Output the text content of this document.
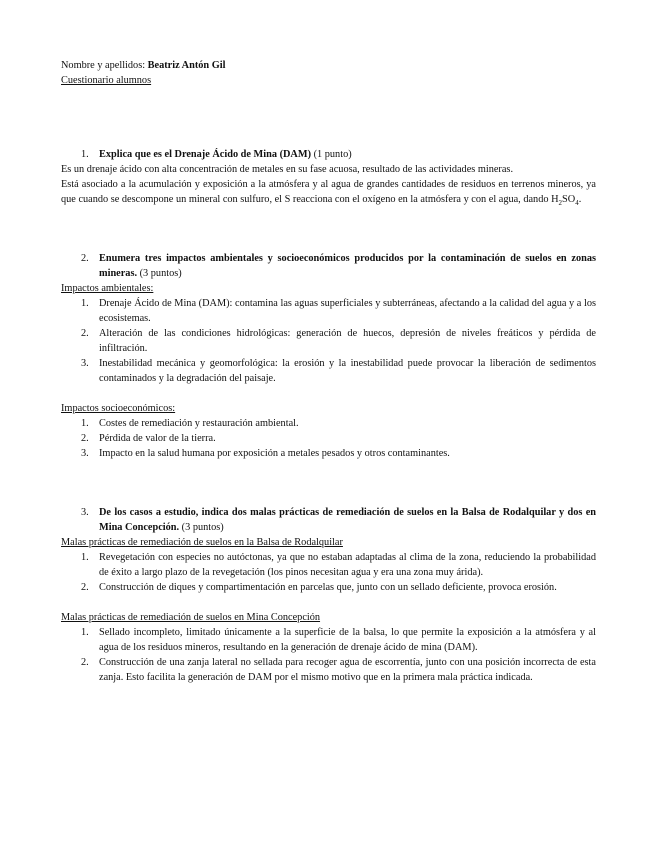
Nombre y apellidos: Beatriz Antón Gil

Cuestionario alumnos

1. Explica que es el Drenaje Ácido de Mina (DAM) (1 punto)

Es un drenaje ácido con alta concentración de metales en su fase acuosa, resultado de las actividades mineras.

Está asociado a la acumulación y exposición a la atmósfera y al agua de grandes cantidades de residuos en terrenos mineros, ya que cuando se descompone un mineral con sulfuro, el S reacciona con el oxígeno en la atmósfera y con el agua, dando $H_2SO_4$.

2. Enumera tres impactos ambientales y socioeconómicos producidos por la contaminación de suelos en zonas mineras. (3 puntos)

Impactos ambientales:

1. Drenaje Ácido de Mina (DAM): contamina las aguas superficiales y subterráneas, afectando a la calidad del agua y a los ecosistemas.
2. Alteración de las condiciones hidrológicas: generación de huecos, depresión de niveles freáticos y pérdida de infiltración.
3. Inestabilidad mecánica y geomorfológica: la erosión y la inestabilidad puede provocar la liberación de sedimentos contaminados y la degradación del paisaje.

Impactos socioeconómicos:

1. Costes de remediación y restauración ambiental.
2. Pérdida de valor de la tierra.
3. Impacto en la salud humana por exposición a metales pesados y otros contaminantes.
3. De los casos a estudio, indica dos malas prácticas de remediación de suelos en la Balsa de Rodalquilar y dos en Mina Concepción. (3 puntos)

Malas prácticas de remediación de suelos en la Balsa de Rodalquilar

1. Revegetación con especies no autóctonas, ya que no estaban adaptadas al clima de la zona, reduciendo la probabilidad de éxito a largo plazo de la revegetación (los pinos necesitan agua y era una zona muy árida).
2. Construcción de diques y compartimentación en parcelas que, junto con un sellado deficiente, provoca erosión.

Malas prácticas de remediación de suelos en Mina Concepción

1. Sellado incompleto, limitado únicamente a la superficie de la balsa, lo que permite la exposición a la atmósfera y al agua de los residuos mineros, resultando en la generación de drenaje ácido de mina (DAM).
2. Construcción de una zanja lateral no sellada para recoger agua de escorrentía, junto con una posición incorrecta de esta zanja. Esto facilita la generación de DAM por el mismo motivo que en la primera mala práctica indicada.
